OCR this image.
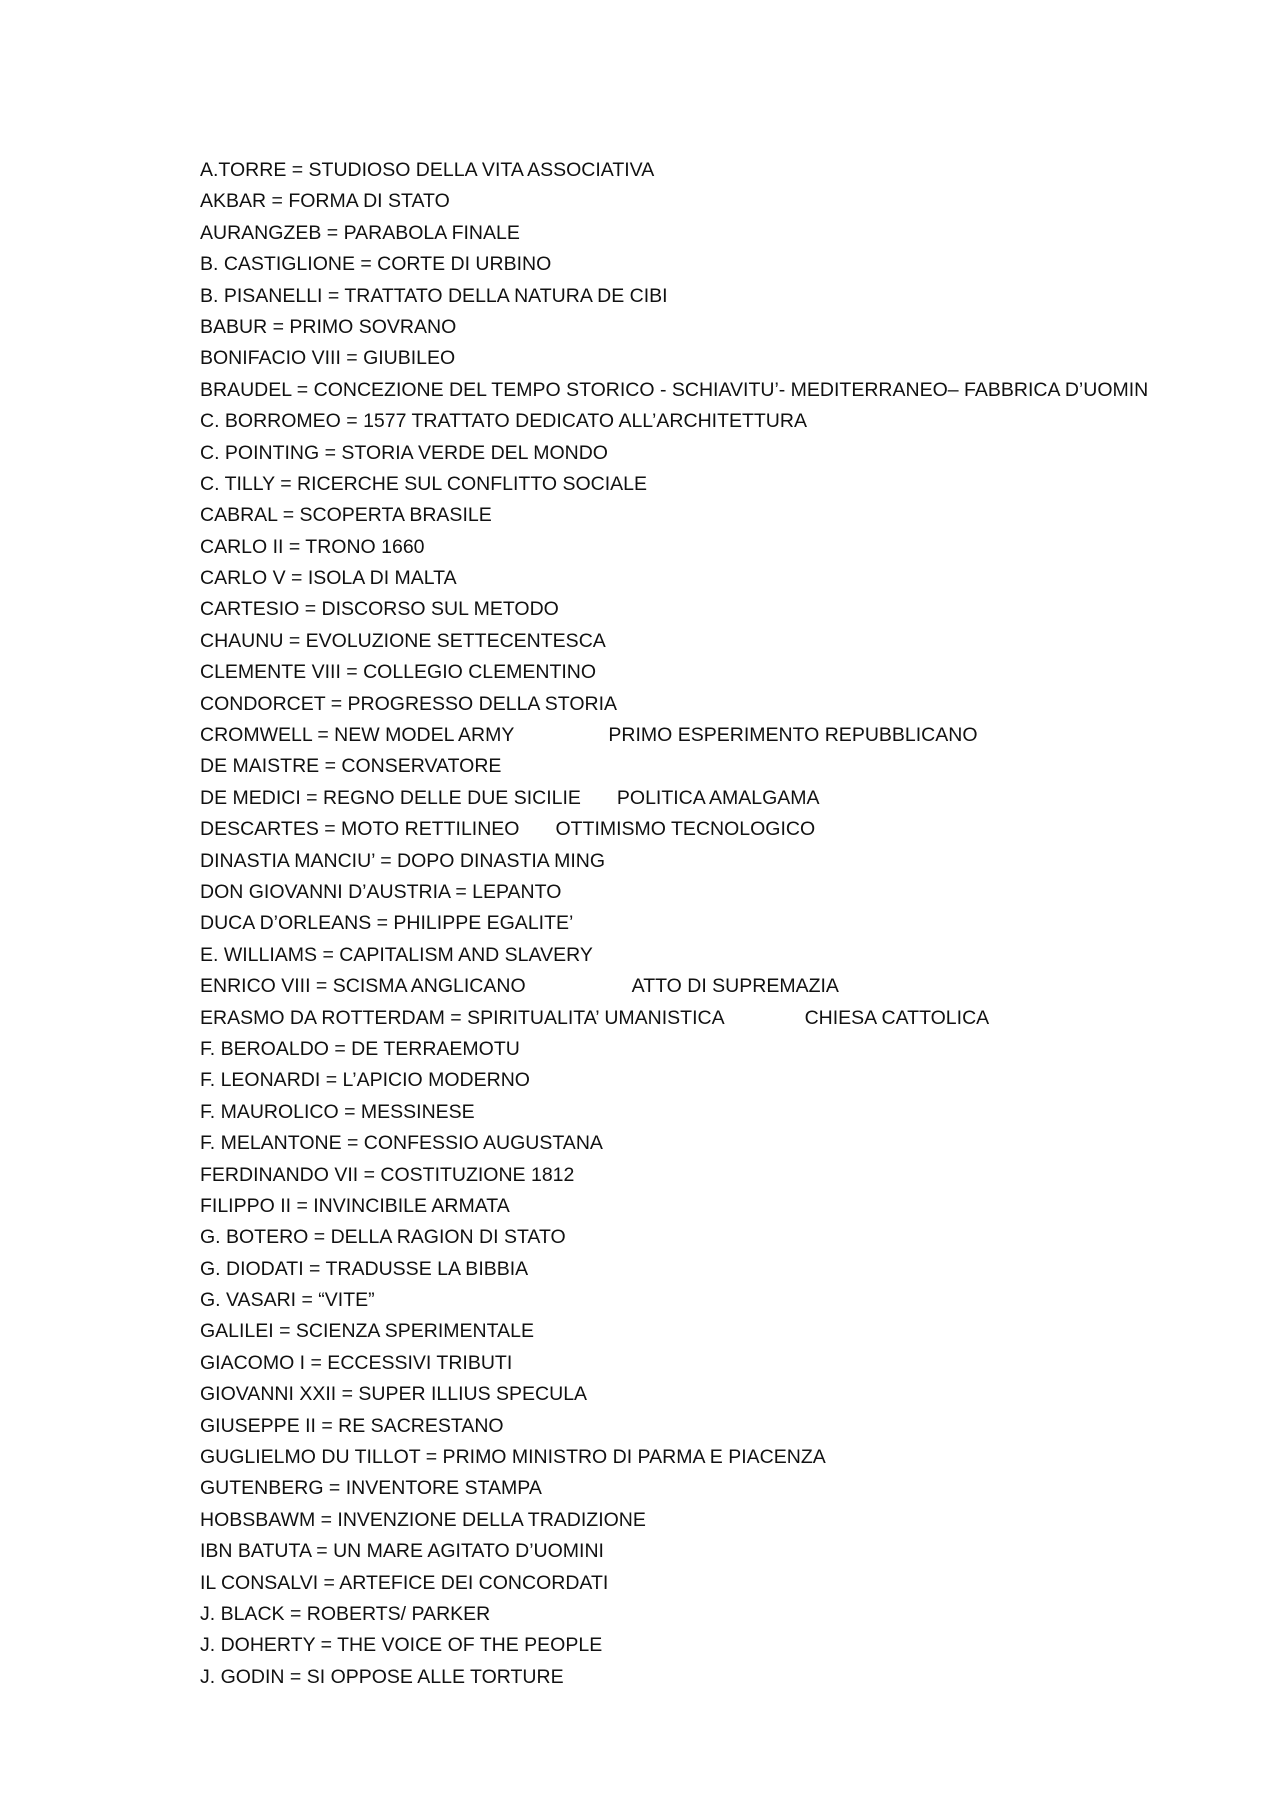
A.TORRE = STUDIOSO DELLA VITA ASSOCIATIVA
AKBAR = FORMA DI STATO
AURANGZEB = PARABOLA FINALE
B. CASTIGLIONE = CORTE DI URBINO
B. PISANELLI = TRATTATO DELLA NATURA DE CIBI
BABUR = PRIMO SOVRANO
BONIFACIO VIII = GIUBILEO
BRAUDEL = CONCEZIONE DEL TEMPO STORICO - SCHIAVITU’- MEDITERRANEO– FABBRICA D’UOMIN
C. BORROMEO = 1577 TRATTATO DEDICATO ALL’ARCHITETTURA
C. POINTING = STORIA VERDE DEL MONDO
C. TILLY = RICERCHE SUL CONFLITTO SOCIALE
CABRAL = SCOPERTA BRASILE
CARLO II = TRONO 1660
CARLO V = ISOLA DI MALTA
CARTESIO = DISCORSO SUL METODO
CHAUNU = EVOLUZIONE SETTECENTESCA
CLEMENTE VIII = COLLEGIO CLEMENTINO
CONDORCET = PROGRESSO DELLA STORIA
CROMWELL = NEW MODEL ARMY	PRIMO ESPERIMENTO REPUBBLICANO
DE MAISTRE = CONSERVATORE
DE MEDICI = REGNO DELLE DUE SICILIE POLITICA AMALGAMA
DESCARTES = MOTO RETTILINEO OTTIMISMO TECNOLOGICO
DINASTIA MANCIU’ = DOPO DINASTIA MING
DON GIOVANNI D’AUSTRIA = LEPANTO
DUCA D’ORLEANS = PHILIPPE EGALITE’
E. WILLIAMS = CAPITALISM AND SLAVERY
ENRICO VIII = SCISMA ANGLICANO	ATTO DI SUPREMAZIA
ERASMO DA ROTTERDAM = SPIRITUALITA’ UMANISTICA	CHIESA CATTOLICA
F. BEROALDO = DE TERRAEMOTU
F. LEONARDI = L’APICIO MODERNO
F. MAUROLICO = MESSINESE
F. MELANTONE = CONFESSIO AUGUSTANA
FERDINANDO VII = COSTITUZIONE 1812
FILIPPO II = INVINCIBILE ARMATA
G. BOTERO = DELLA RAGION DI STATO
G. DIODATI = TRADUSSE LA BIBBIA
G. VASARI = “VITE”
GALILEI = SCIENZA SPERIMENTALE
GIACOMO I = ECCESSIVI TRIBUTI
GIOVANNI XXII = SUPER ILLIUS SPECULA
GIUSEPPE II = RE SACRESTANO
GUGLIELMO DU TILLOT = PRIMO MINISTRO DI PARMA E PIACENZA
GUTENBERG = INVENTORE STAMPA
HOBSBAWM = INVENZIONE DELLA TRADIZIONE
IBN BATUTA = UN MARE AGITATO D’UOMINI
IL CONSALVI = ARTEFICE DEI CONCORDATI
J. BLACK = ROBERTS/ PARKER
J. DOHERTY = THE VOICE OF THE PEOPLE
J. GODIN = SI OPPOSE ALLE TORTURE
